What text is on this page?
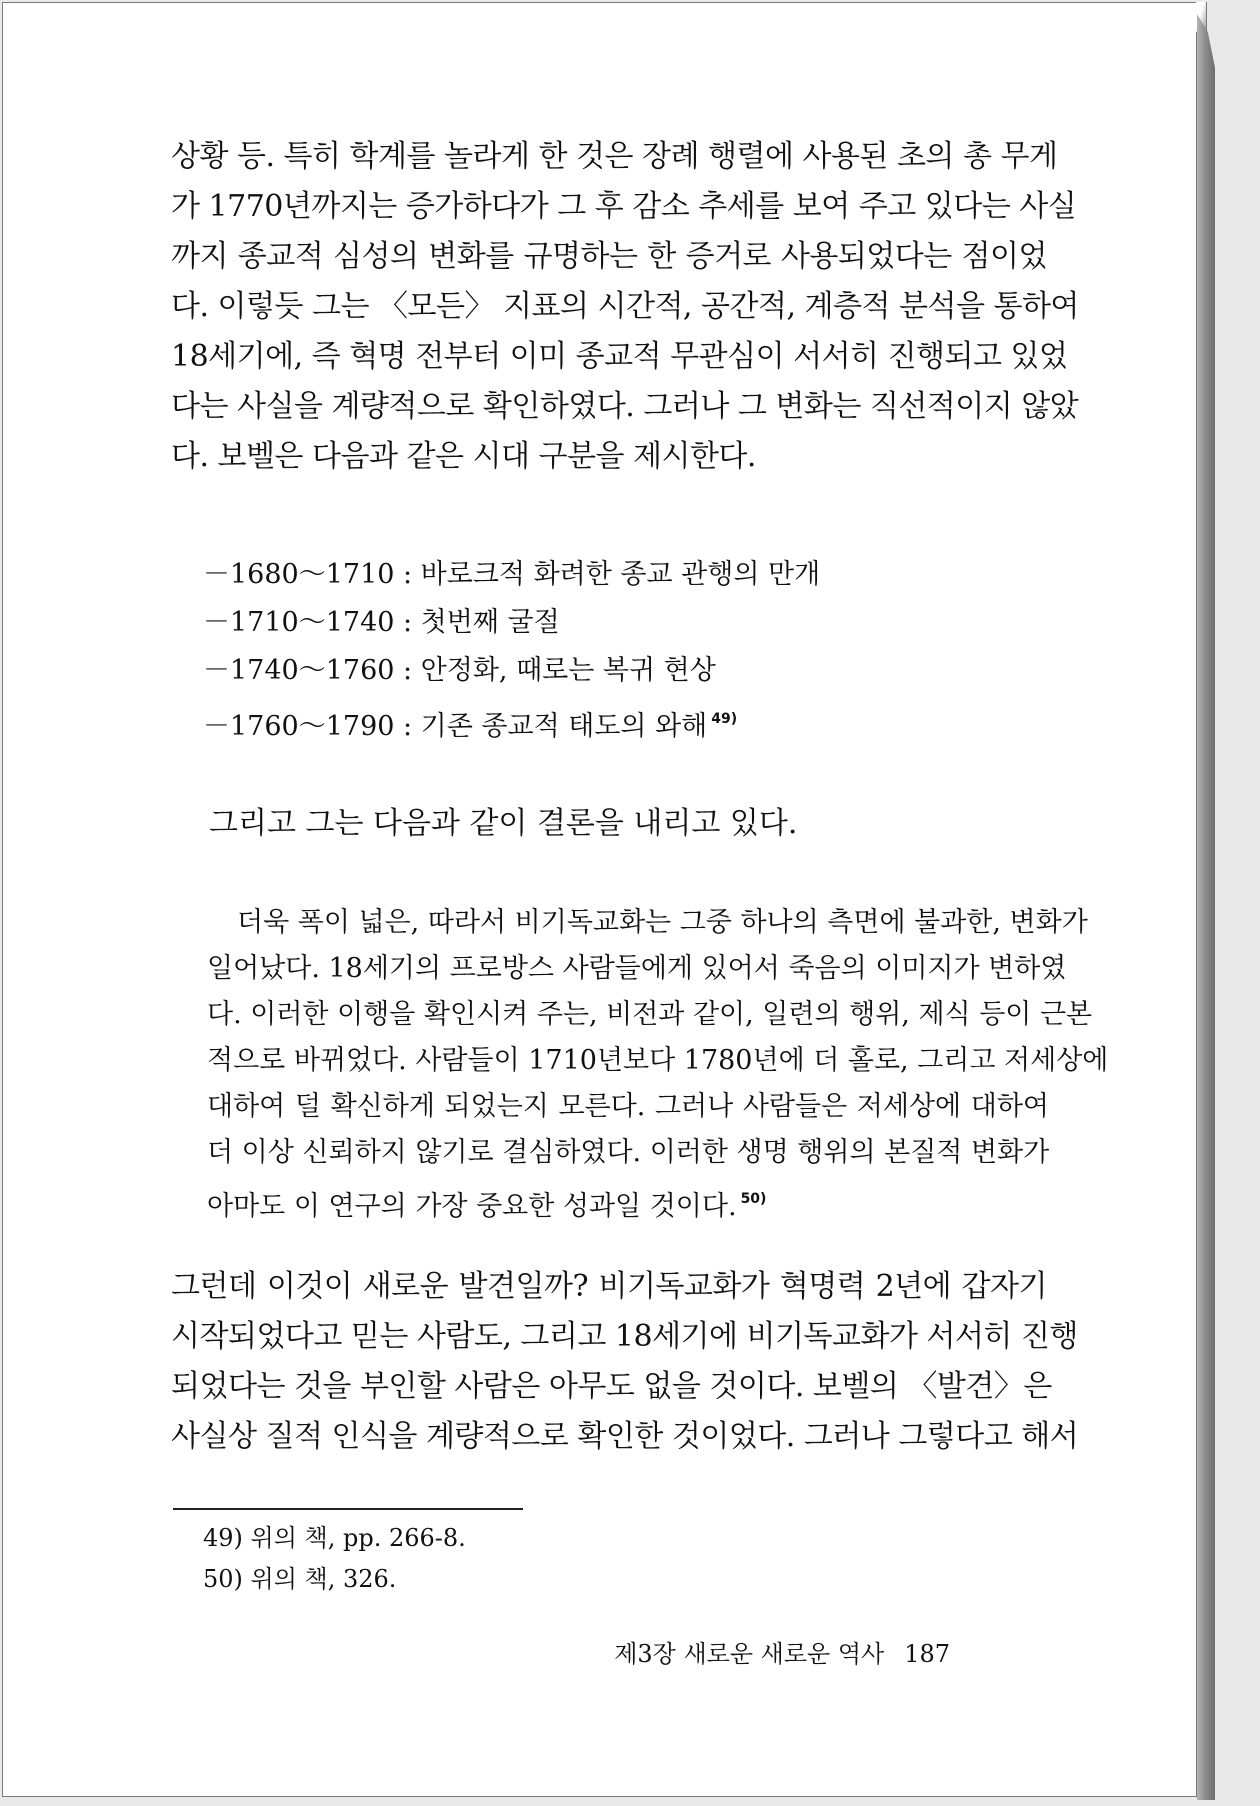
상황 등. 특히 학계를 놀라게 한 것은 장례 행렬에 사용된 초의 총 무게
가 1770년까지는 증가하다가 그 후 감소 추세를 보여 주고 있다는 사실
까지 종교적 심성의 변화를 규명하는 한 증거로 사용되었다는 점이었
다. 이렇듯 그는 〈모든〉 지표의 시간적, 공간적, 계층적 분석을 통하여
18세기에, 즉 혁명 전부터 이미 종교적 무관심이 서서히 진행되고 있었
다는 사실을 계량적으로 확인하였다. 그러나 그 변화는 직선적이지 않았
다. 보벨은 다음과 같은 시대 구분을 제시한다.
－1680～1710 : 바로크적 화려한 종교 관행의 만개
－1710～1740 : 첫번째 굴절
－1740～1760 : 안정화, 때로는 복귀 현상
－1760～1790 : 기존 종교적 태도의 와해 $^{49)}$

그리고 그는 다음과 같이 결론을 내리고 있다.

더욱 폭이 넓은, 따라서 비기독교화는 그중 하나의 측면에 불과한, 변화가
일어났다. 18세기의 프로방스 사람들에게 있어서 죽음의 이미지가 변하였
다. 이러한 이행을 확인시켜 주는, 비전과 같이, 일련의 행위, 제식 등이 근본
적으로 바뀌었다. 사람들이 1710년보다 1780년에 더 홀로, 그리고 저세상에
대하여 덜 확신하게 되었는지 모른다. 그러나 사람들은 저세상에 대하여
더 이상 신뢰하지 않기로 결심하였다. 이러한 생명 행위의 본질적 변화가
아마도 이 연구의 가장 중요한 성과일 것이다. $^{50)}$
그런데 이것이 새로운 발견일까? 비기독교화가 혁명력 2년에 갑자기
시작되었다고 믿는 사람도, 그리고 18세기에 비기독교화가 서서히 진행
되었다는 것을 부인할 사람은 아무도 없을 것이다. 보벨의 〈발견〉은
사실상 질적 인식을 계량적으로 확인한 것이었다. 그러나 그렇다고 해서
49) 위의 책, pp. 266-8.
50) 위의 책, 326.
제3장 새로운 새로운 역사 187
